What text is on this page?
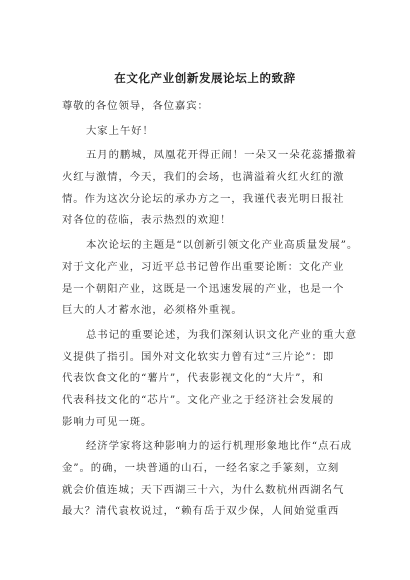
在文化产业创新发展论坛上的致辞
尊敬的各位领导，各位嘉宾：
大家上午好！
五月的鹏城，凤凰花开得正闹！一朵又一朵花蕊播撒着
火红与激情，今天，我们的会场，也满溢着火红火红的激
情。作为这次分论坛的承办方之一，我谨代表光明日报社
对各位的莅临，表示热烈的欢迎！
本次论坛的主题是“以创新引领文化产业高质量发展”。
对于文化产业，习近平总书记曾作出重要论断：文化产业
是一个朝阳产业，这既是一个迅速发展的产业，也是一个
巨大的人才蓄水池，必须格外重视。
总书记的重要论述，为我们深刻认识文化产业的重大意
义提供了指引。国外对文化软实力曾有过“三片论”：即
代表饮食文化的“薯片”，代表影视文化的“大片”，和
代表科技文化的“芯片”。文化产业之于经济社会发展的
影响力可见一斑。
经济学家将这种影响力的运行机理形象地比作“点石成
金”。的确，一块普通的山石，一经名家之手篆刻，立刻
就会价值连城；天下西湖三十六，为什么数杭州西湖名气
最大？清代袁枚说过，“赖有岳于双少保，人间始觉重西
